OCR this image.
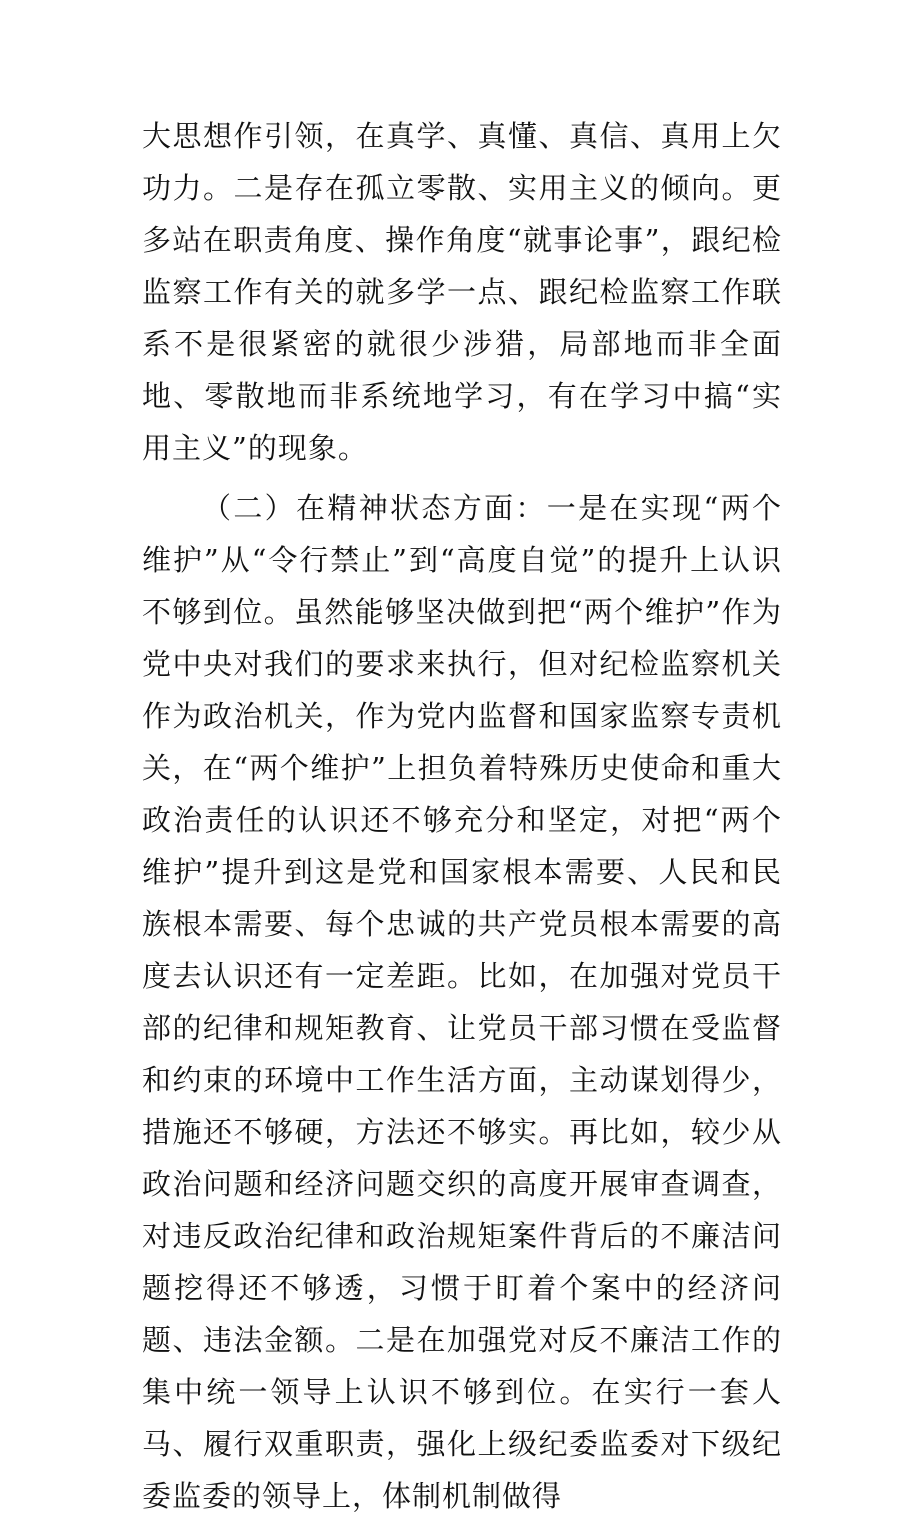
大思想作引领，在真学、真懂、真信、真用上欠功力。二是存在孤立零散、实用主义的倾向。更多站在职责角度、操作角度“就事论事”，跟纪检监察工作有关的就多学一点、跟纪检监察工作联系不是很紧密的就很少涉猎，局部地而非全面地、零散地而非系统地学习，有在学习中搞“实用主义”的现象。

（二）在精神状态方面：一是在实现“两个维护”从“令行禁止”到“高度自觉”的提升上认识不够到位。虽然能够坚决做到把“两个维护”作为党中央对我们的要求来执行，但对纪检监察机关作为政治机关，作为党内监督和国家监察专责机关，在“两个维护”上担负着特殊历史使命和重大政治责任的认识还不够充分和坚定，对把“两个维护”提升到这是党和国家根本需要、人民和民族根本需要、每个忠诚的共产党员根本需要的高度去认识还有一定差距。比如，在加强对党员干部的纪律和规矩教育、让党员干部习惯在受监督和约束的环境中工作生活方面，主动谋划得少，措施还不够硬，方法还不够实。再比如，较少从政治问题和经济问题交织的高度开展审查调查，对违反政治纪律和政治规矩案件背后的不廉洁问题挖得还不够透，习惯于盯着个案中的经济问题、违法金额。二是在加强党对反不廉洁工作的集中统一领导上认识不够到位。在实行一套人马、履行双重职责，强化上级纪委监委对下级纪委监委的领导上，体制机制做得
